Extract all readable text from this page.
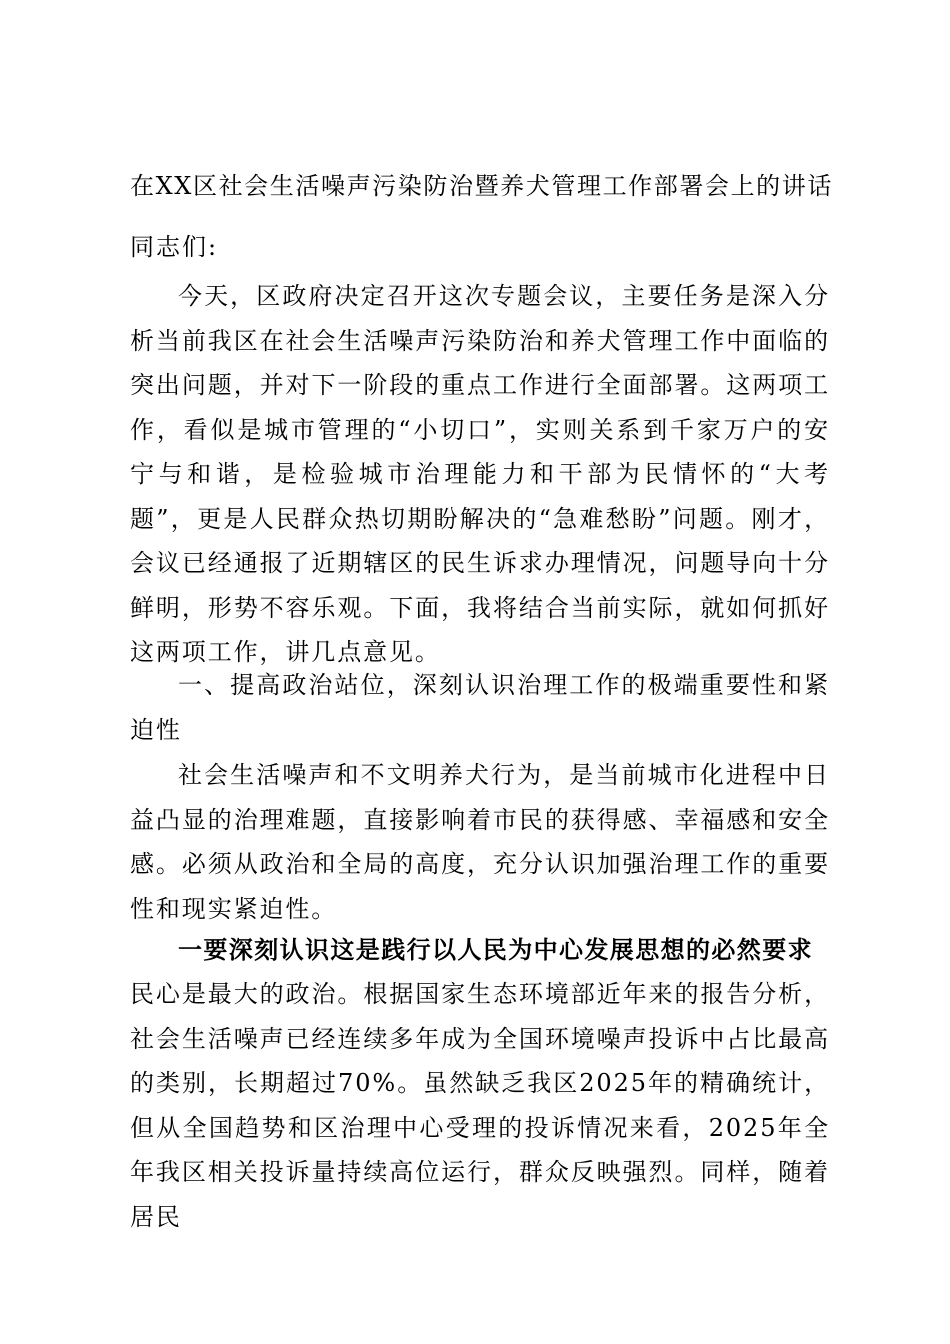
在XX区社会生活噪声污染防治暨养犬管理工作部署会上的讲话
同志们:

今天，区政府决定召开这次专题会议，主要任务是深入分析当前我区在社会生活噪声污染防治和养犬管理工作中面临的突出问题，并对下一阶段的重点工作进行全面部署。这两项工作，看似是城市管理的“小切口”，实则关系到千家万户的安宁与和谐，是检验城市治理能力和干部为民情怀的“大考题”，更是人民群众热切期盼解决的“急难愁盼”问题。刚才，会议已经通报了近期辖区的民生诉求办理情况，问题导向十分鲜明，形势不容乐观。下面，我将结合当前实际，就如何抓好这两项工作，讲几点意见。

一、提高政治站位，深刻认识治理工作的极端重要性和紧迫性

社会生活噪声和不文明养犬行为，是当前城市化进程中日益凸显的治理难题，直接影响着市民的获得感、幸福感和安全感。必须从政治和全局的高度，充分认识加强治理工作的重要性和现实紧迫性。

一要深刻认识这是践行以人民为中心发展思想的必然要求

民心是最大的政治。根据国家生态环境部近年来的报告分析，社会生活噪声已经连续多年成为全国环境噪声投诉中占比最高的类别，长期超过70%。虽然缺乏我区2025年的精确统计，但从全国趋势和区治理中心受理的投诉情况来看，2025年全年我区相关投诉量持续高位运行，群众反映强烈。同样，随着居民
